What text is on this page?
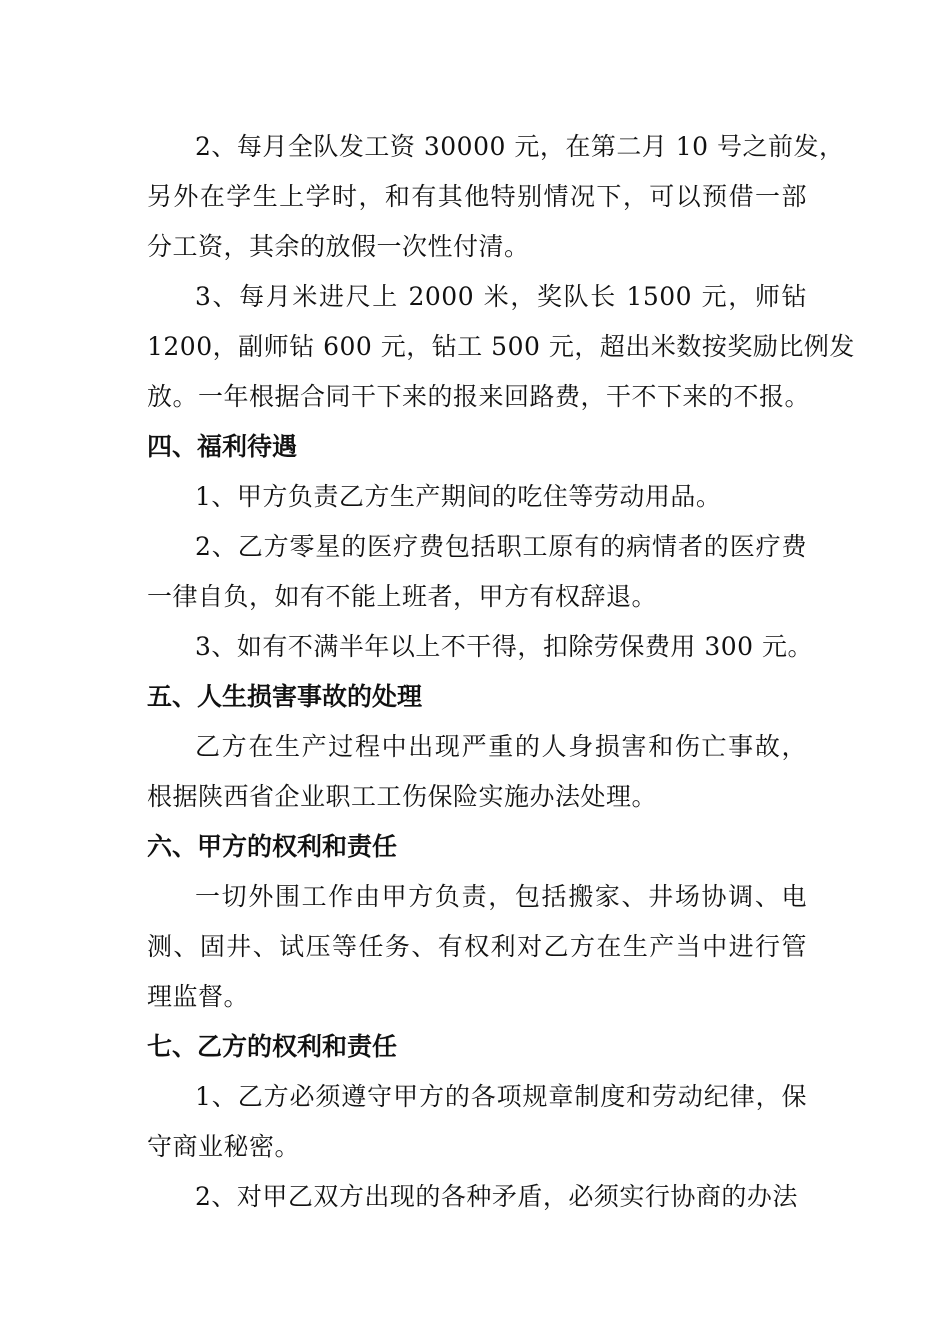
2、每月全队发工资 30000 元，在第二月 10 号之前发，
另外在学生上学时，和有其他特别情况下，可以预借一部
分工资，其余的放假一次性付清。
3、每月米进尺上 2000 米，奖队长 1500 元，师钻
1200，副师钻 600 元，钻工 500 元，超出米数按奖励比例发
放。一年根据合同干下来的报来回路费，干不下来的不报。
四、福利待遇
1、甲方负责乙方生产期间的吃住等劳动用品。
2、乙方零星的医疗费包括职工原有的病情者的医疗费
一律自负，如有不能上班者，甲方有权辞退。
3、如有不满半年以上不干得，扣除劳保费用 300 元。
五、人生损害事故的处理
乙方在生产过程中出现严重的人身损害和伤亡事故，
根据陕西省企业职工工伤保险实施办法处理。
六、甲方的权利和责任
一切外围工作由甲方负责，包括搬家、井场协调、电
测、固井、试压等任务、有权利对乙方在生产当中进行管
理监督。
七、乙方的权利和责任
1、乙方必须遵守甲方的各项规章制度和劳动纪律，保
守商业秘密。
2、对甲乙双方出现的各种矛盾，必须实行协商的办法
